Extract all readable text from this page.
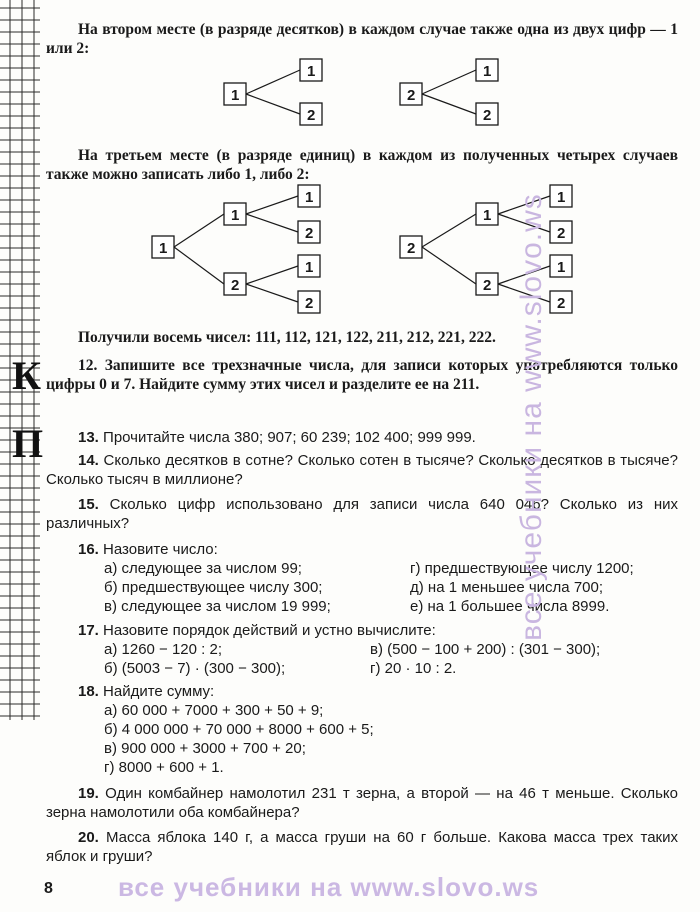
К
П

На втором месте (в разряде десятков) в каждом случае также одна из двух цифр — 1 или 2:

1
1
2
2
1
2

На третьем месте (в разряде единиц) в каждом из полученных четырех случаев также можно записать либо 1, либо 2:

1
1
2
1
2
1
2
2
1
2
1
2
1
2

Получили восемь чисел: 111, 112, 121, 122, 211, 212, 221, 222.

12. Запишите все трехзначные числа, для записи которых употребляются только цифры 0 и 7. Найдите сумму этих чисел и разделите ее на 211.

13. Прочитайте числа 380; 907; 60 239; 102 400; 999 999.

14. Сколько десятков в сотне? Сколько сотен в тысяче? Сколько десятков в тысяче? Сколько тысяч в миллионе?

15. Сколько цифр использовано для записи числа 640 046? Сколько из них различных?

16. Назовите число:

а) следующее за числом 99;
б) предшествующее числу 300;
в) следующее за числом 19 999;
г) предшествующее числу 1200;
д) на 1 меньшее числа 700;
е) на 1 большее числа 8999.

17. Назовите порядок действий и устно вычислите:

а) 1260 − 120 : 2;
б) (5003 − 7) · (300 − 300);
в) (500 − 100 + 200) : (301 − 300);
г) 20 · 10 : 2.

18. Найдите сумму:

а) 60 000 + 7000 + 300 + 50 + 9;
б) 4 000 000 + 70 000 + 8000 + 600 + 5;
в) 900 000 + 3000 + 700 + 20;
г) 8000 + 600 + 1.

19. Один комбайнер намолотил 231 т зерна, а второй — на 46 т меньше. Сколько зерна намолотили оба комбайнера?

20. Масса яблока 140 г, а масса груши на 60 г больше. Какова масса трех таких яблок и груши?

8	все учебники на www.slovo.ws
все учебники на www.slovo.ws
